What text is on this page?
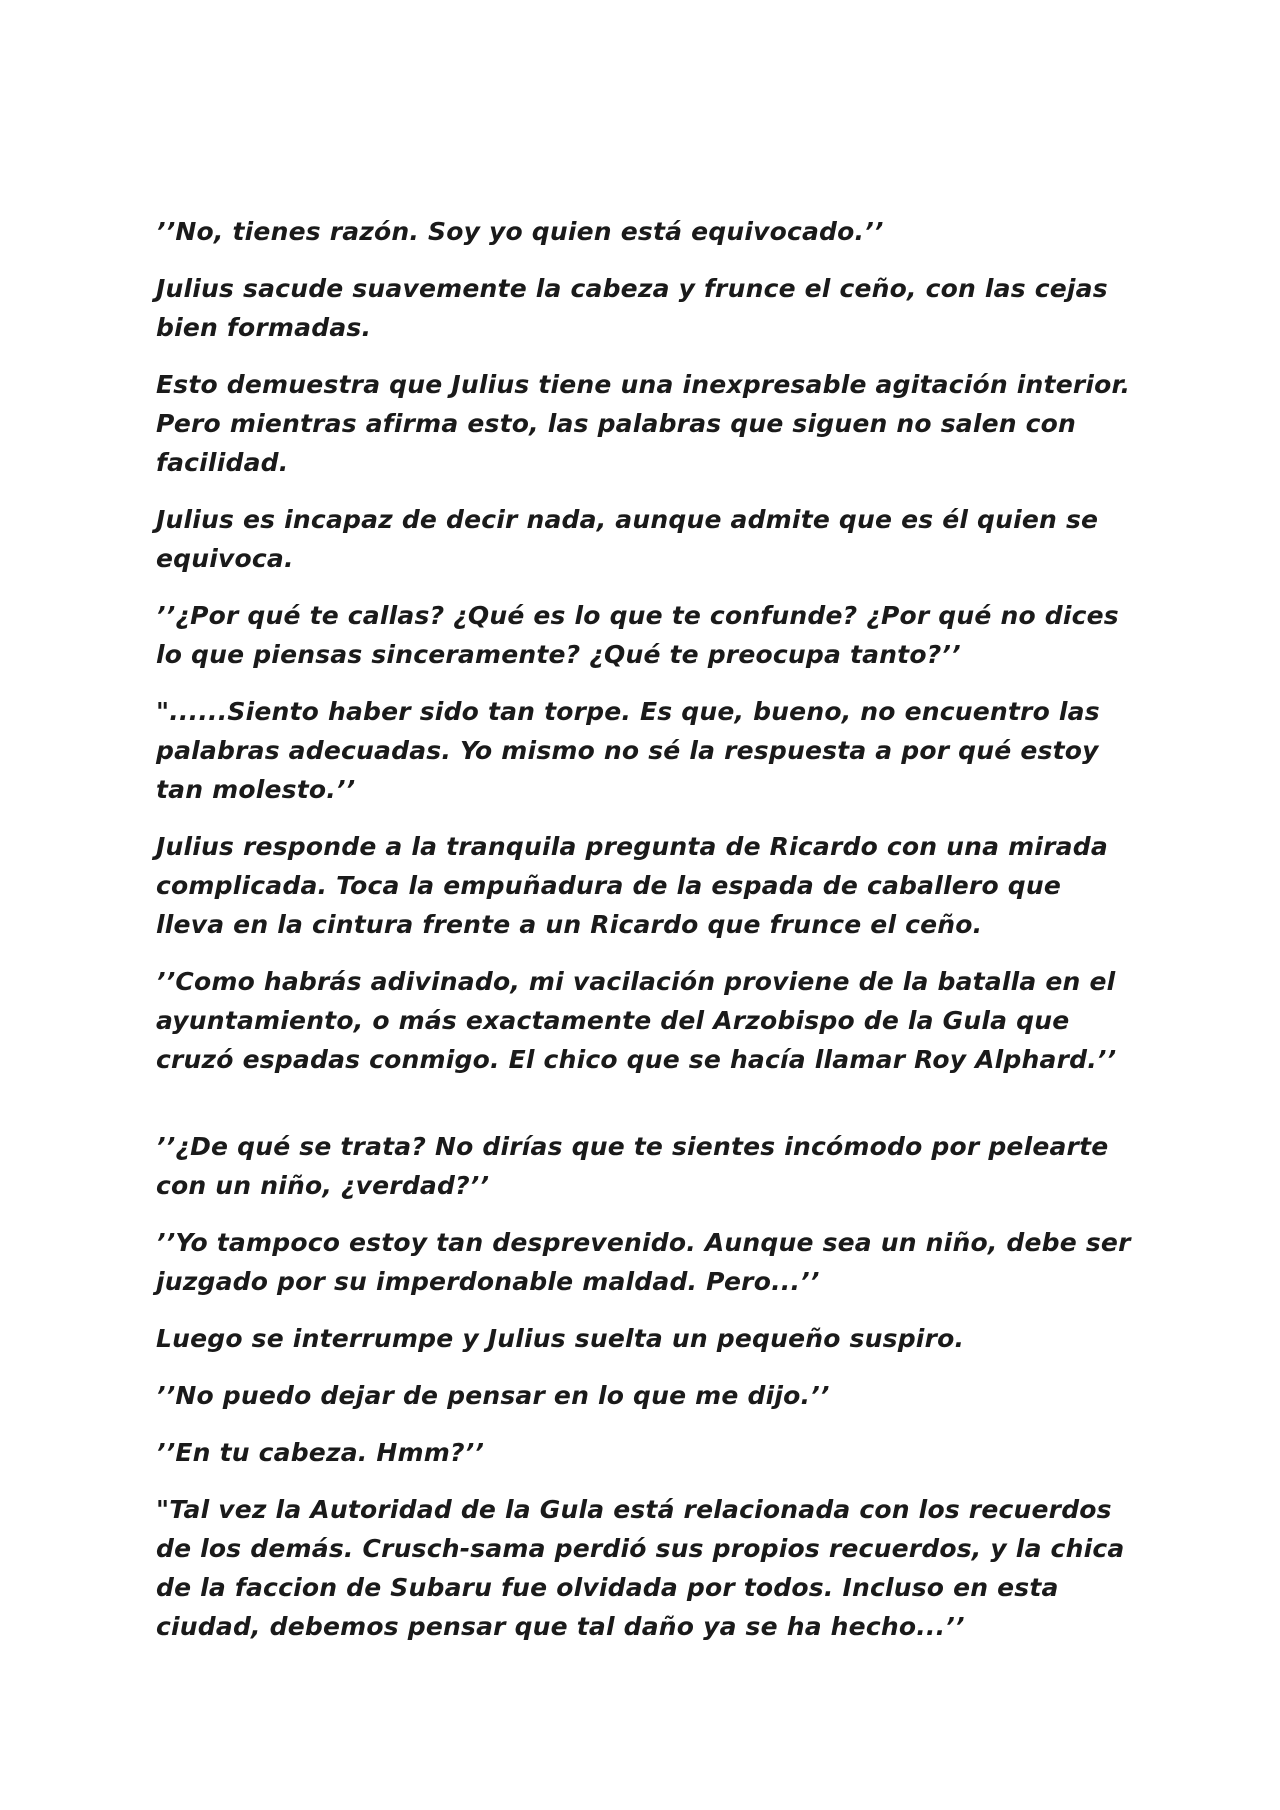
’’No, tienes razón. Soy yo quien está equivocado.’’

Julius sacude suavemente la cabeza y frunce el ceño, con las cejas bien formadas.

Esto demuestra que Julius tiene una inexpresable agitación interior. Pero mientras afirma esto, las palabras que siguen no salen con facilidad.

Julius es incapaz de decir nada, aunque admite que es él quien se equivoca.

’’¿Por qué te callas? ¿Qué es lo que te confunde? ¿Por qué no dices lo que piensas sinceramente? ¿Qué te preocupa tanto?’’

"......Siento haber sido tan torpe. Es que, bueno, no encuentro las palabras adecuadas. Yo mismo no sé la respuesta a por qué estoy tan molesto.’’

Julius responde a la tranquila pregunta de Ricardo con una mirada complicada. Toca la empuñadura de la espada de caballero que lleva en la cintura frente a un Ricardo que frunce el ceño.

’’Como habrás adivinado, mi vacilación proviene de la batalla en el ayuntamiento, o más exactamente del Arzobispo de la Gula que cruzó espadas conmigo. El chico que se hacía llamar Roy Alphard.’’

’’¿De qué se trata? No dirías que te sientes incómodo por pelearte con un niño, ¿verdad?’’

’’Yo tampoco estoy tan desprevenido. Aunque sea un niño, debe ser juzgado por su imperdonable maldad. Pero...’’

Luego se interrumpe y Julius suelta un pequeño suspiro.

’’No puedo dejar de pensar en lo que me dijo.’’

’’En tu cabeza. Hmm?’’

"Tal vez la Autoridad de la Gula está relacionada con los recuerdos de los demás. Crusch-sama perdió sus propios recuerdos, y la chica de la faccion de Subaru fue olvidada por todos. Incluso en esta ciudad, debemos pensar que tal daño ya se ha hecho...’’
